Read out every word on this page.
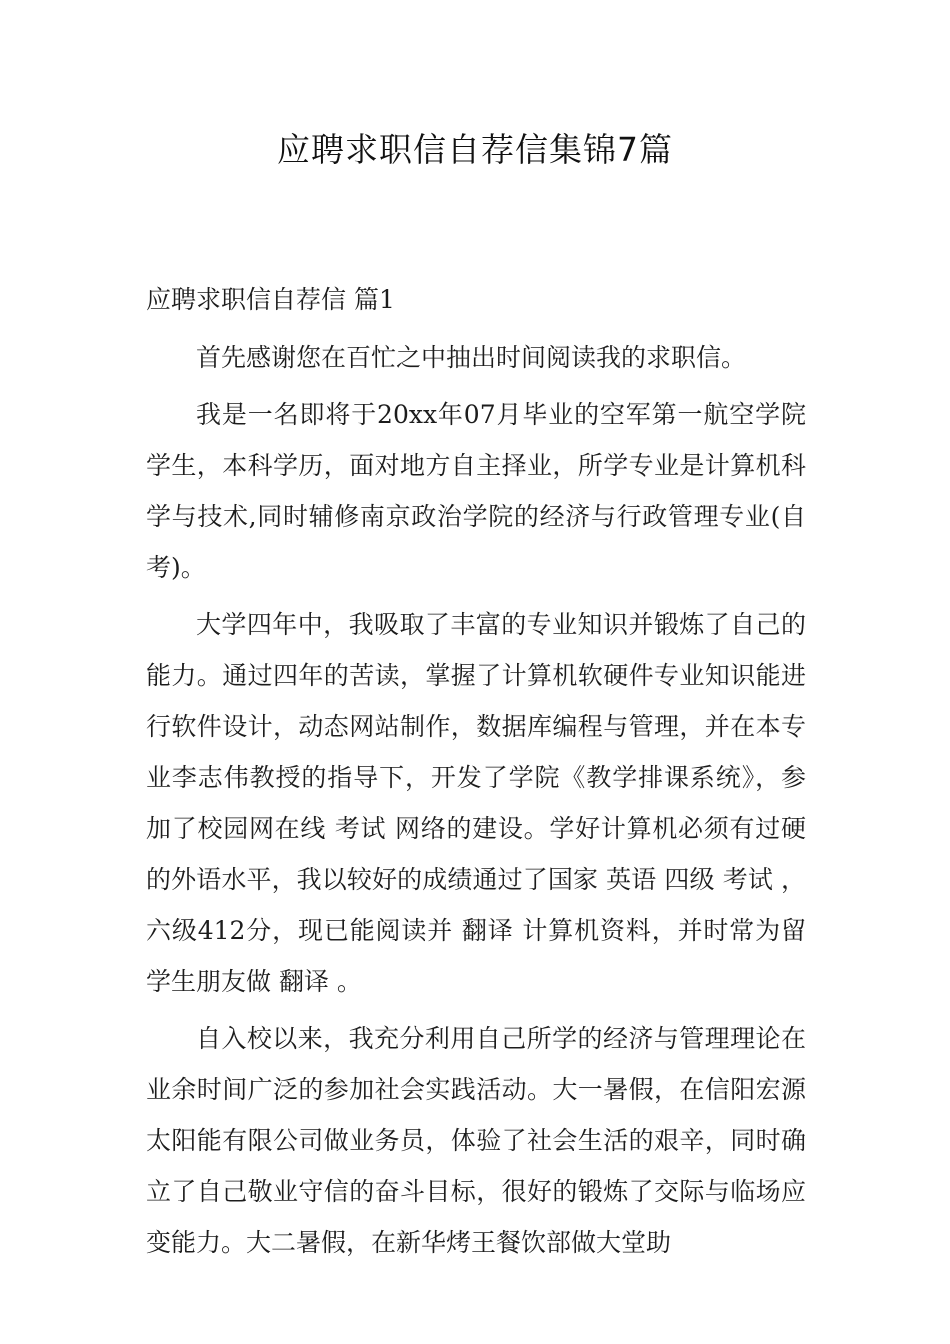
应聘求职信自荐信集锦7篇

应聘求职信自荐信 篇1

首先感谢您在百忙之中抽出时间阅读我的求职信。

我是一名即将于20xx年07月毕业的空军第一航空学院学生，本科学历，面对地方自主择业，所学专业是计算机科学与技术,同时辅修南京政治学院的经济与行政管理专业(自考)。

大学四年中，我吸取了丰富的专业知识并锻炼了自己的能力。通过四年的苦读，掌握了计算机软硬件专业知识能进行软件设计，动态网站制作，数据库编程与管理，并在本专业李志伟教授的指导下，开发了学院《教学排课系统》，参加了校园网在线 考试 网络的建设。学好计算机必须有过硬的外语水平，我以较好的成绩通过了国家 英语 四级 考试 ，六级412分，现已能阅读并 翻译 计算机资料，并时常为留学生朋友做 翻译 。

自入校以来，我充分利用自己所学的经济与管理理论在业余时间广泛的参加社会实践活动。大一暑假，在信阳宏源太阳能有限公司做业务员，体验了社会生活的艰辛，同时确立了自己敬业守信的奋斗目标，很好的锻炼了交际与临场应变能力。大二暑假，在新华烤王餐饮部做大堂助
